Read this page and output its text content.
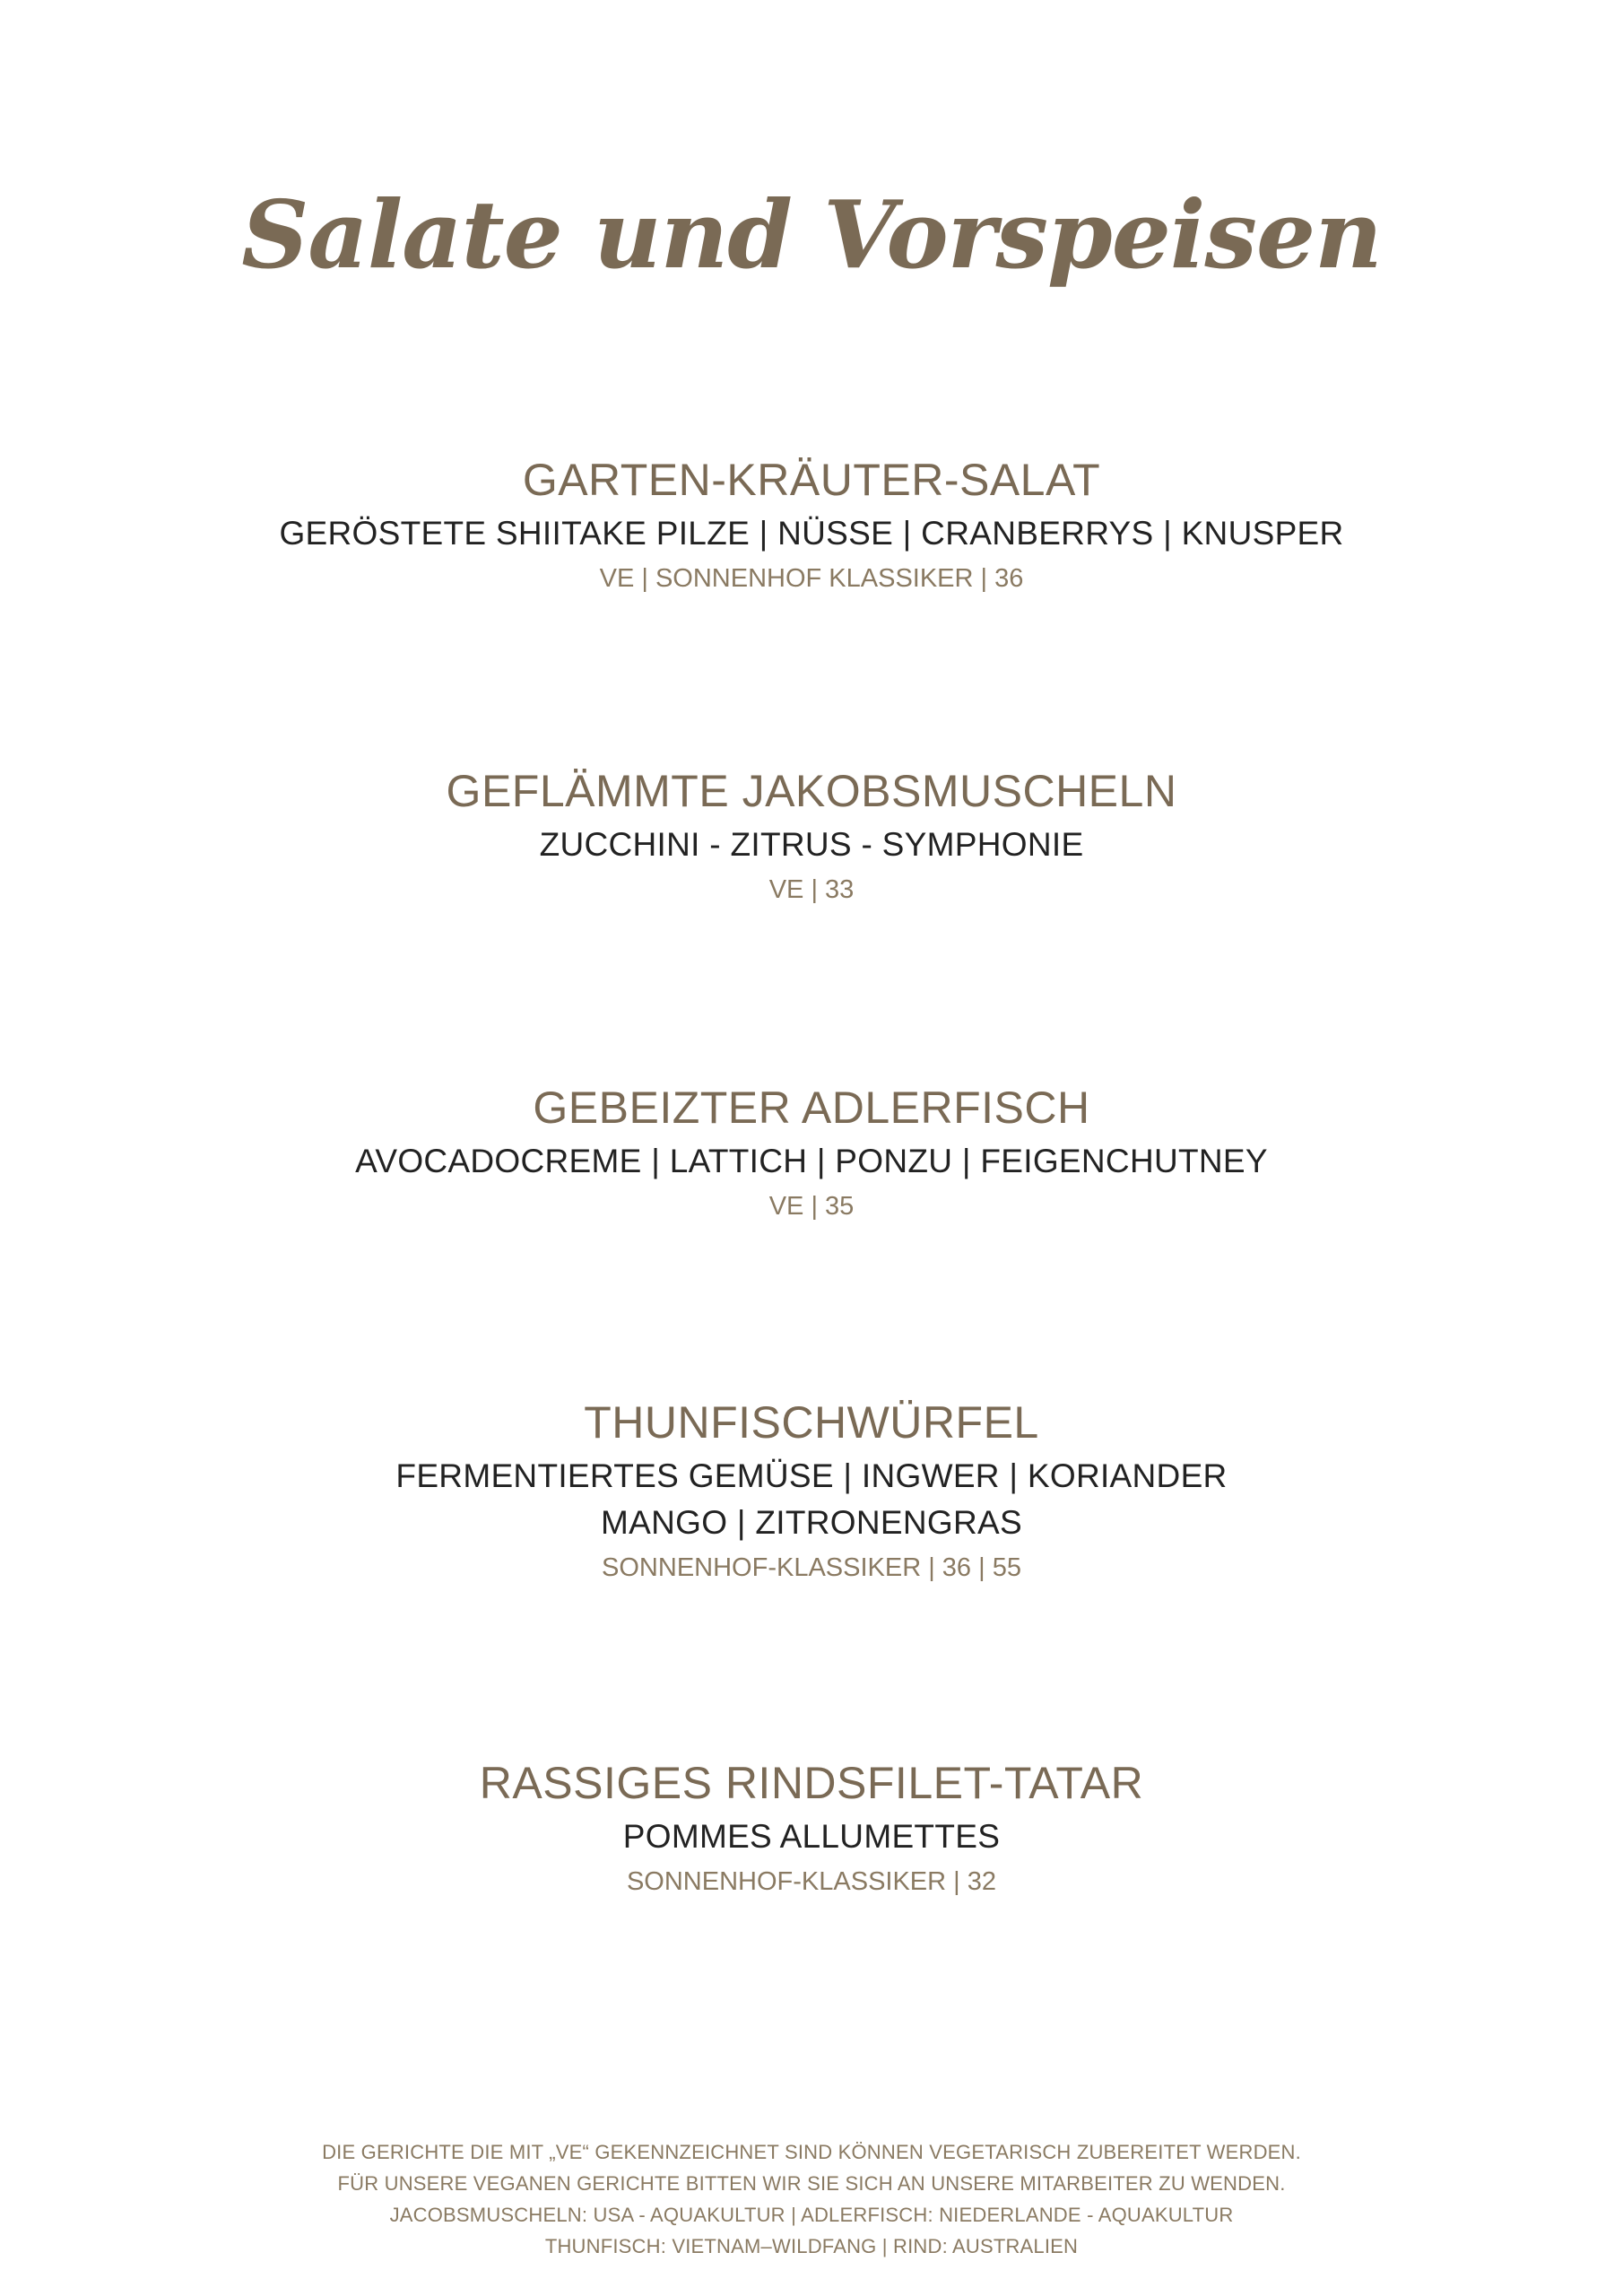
Salate und Vorspeisen
GARTEN-KRÄUTER-SALAT
GERÖSTETE SHIITAKE PILZE | NÜSSE | CRANBERRYS | KNUSPER
VE | SONNENHOF KLASSIKER | 36
GEFLÄMMTE JAKOBSMUSCHELN
ZUCCHINI - ZITRUS - SYMPHONIE
VE | 33
GEBEIZTER ADLERFISCH
AVOCADOCREME | LATTICH | PONZU | FEIGENCHUTNEY
VE | 35
THUNFISCHWÜRFEL
FERMENTIERTES GEMÜSE | INGWER | KORIANDER
MANGO | ZITRONENGRAS
SONNENHOF-KLASSIKER | 36 | 55
RASSIGES RINDSFILET-TATAR
POMMES ALLUMETTES
SONNENHOF-KLASSIKER | 32
DIE GERICHTE DIE MIT „VE“ GEKENNZEICHNET SIND KÖNNEN VEGETARISCH ZUBEREITET WERDEN.
FÜR UNSERE VEGANEN GERICHTE BITTEN WIR SIE SICH AN UNSERE MITARBEITER ZU WENDEN.
JACOBSMUSCHELN: USA - AQUAKULTUR | ADLERFISCH: NIEDERLANDE - AQUAKULTUR
THUNFISCH: VIETNAM–WILDFANG | RIND: AUSTRALIEN
